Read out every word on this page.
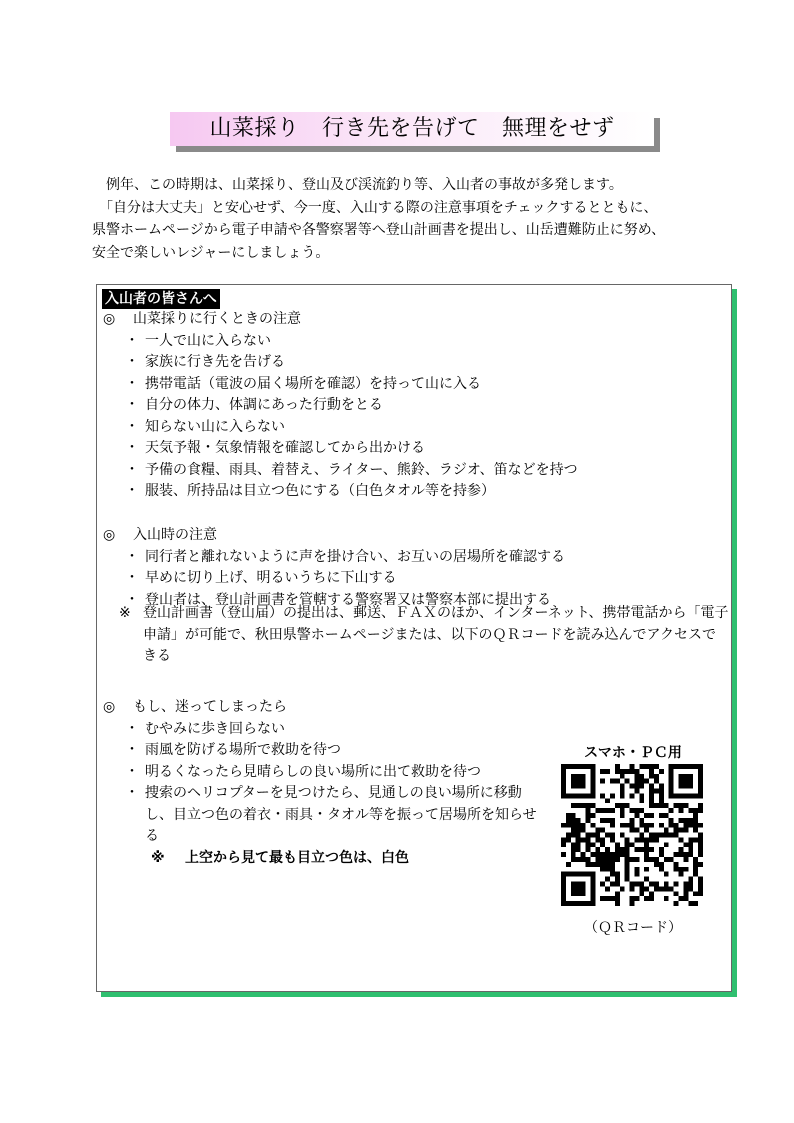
山菜採り　行き先を告げて　無理をせず

　例年、この時期は、山菜採り、登山及び渓流釣り等、入山者の事故が多発します。

　「自分は大丈夫」と安心せず、今一度、入山する際の注意事項をチェックするとともに、

県警ホームページから電子申請や各警察署等へ登山計画書を提出し、山岳遭難防止に努め、

安全で楽しいレジャーにしましょう。

入山者の皆さんへ
◎ 山菜採りに行くときの注意
・ 一人で山に入らない
・ 家族に行き先を告げる
・ 携帯電話（電波の届く場所を確認）を持って山に入る
・ 自分の体力、体調にあった行動をとる
・ 知らない山に入らない
・ 天気予報・気象情報を確認してから出かける
・ 予備の食糧、雨具、着替え、ライター、熊鈴、ラジオ、笛などを持つ
・ 服装、所持品は目立つ色にする（白色タオル等を持参）
◎ 入山時の注意
・ 同行者と離れないように声を掛け合い、お互いの居場所を確認する
・ 早めに切り上げ、明るいうちに下山する
・ 登山者は、登山計画書を管轄する警察署又は警察本部に提出する
※ 登山計画書（登山届）の提出は、郵送、ＦＡＸのほか、インターネット、携帯電話から「電子申請」が可能で、秋田県警ホームページまたは、以下のＱＲコードを読み込んでアクセスできる
◎ もし、迷ってしまったら
・ むやみに歩き回らない
・ 雨風を防げる場所で救助を待つ
・ 明るくなったら見晴らしの良い場所に出て救助を待つ
・ 捜索のヘリコプターを見つけたら、見通しの良い場所に移動し、目立つ色の着衣・雨具・タオル等を振って居場所を知らせる
※ 上空から見て最も目立つ色は、白色
スマホ・ＰＣ用
（ＱＲコード）
